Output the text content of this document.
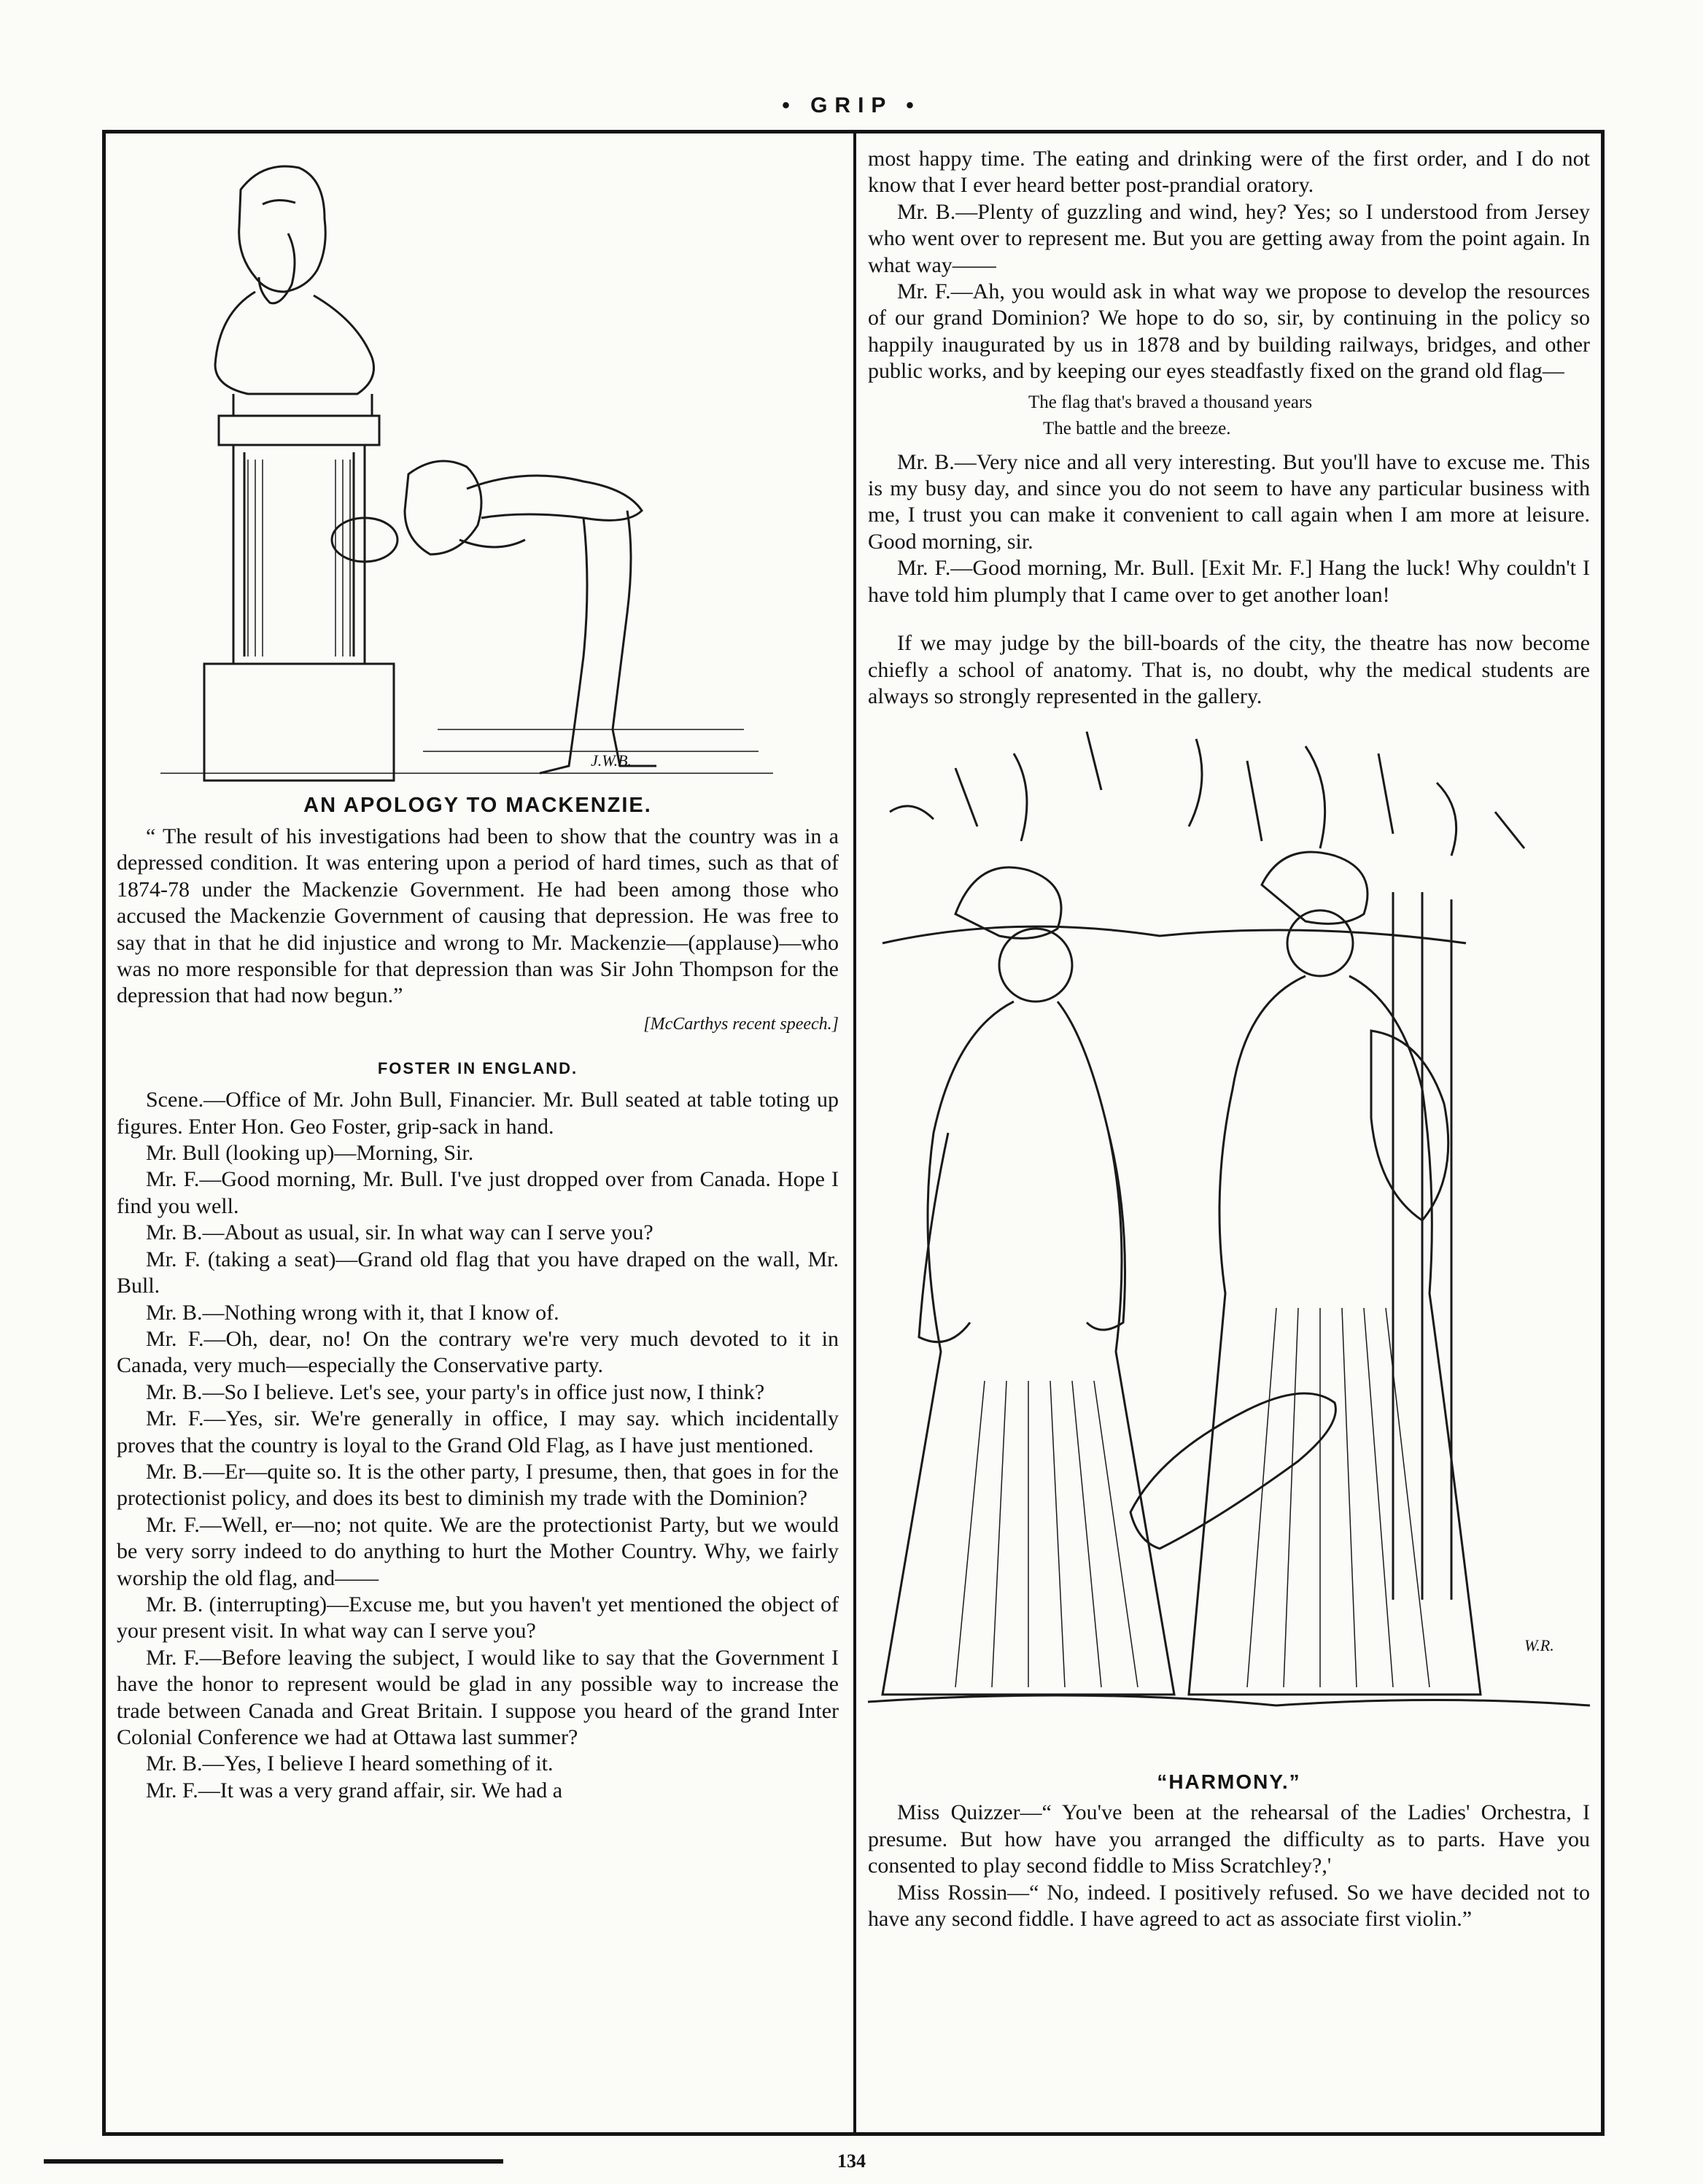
• GRIP •
J.W.B.
AN APOLOGY TO MACKENZIE.

“ The result of his investigations had been to show that the country was in a depressed condition. It was entering upon a period of hard times, such as that of 1874-78 under the Mackenzie Government. He had been among those who accused the Mackenzie Government of causing that depression. He was free to say that in that he did injustice and wrong to Mr. Mackenzie—(applause)—who was no more responsible for that depression than was Sir John Thompson for the depression that had now begun.”

[McCarthys recent speech.]

FOSTER IN ENGLAND.

Scene.—Office of Mr. John Bull, Financier. Mr. Bull seated at table toting up figures. Enter Hon. Geo Foster, grip-sack in hand.

Mr. Bull (looking up)—Morning, Sir.

Mr. F.—Good morning, Mr. Bull. I've just dropped over from Canada. Hope I find you well.

Mr. B.—About as usual, sir. In what way can I serve you?

Mr. F. (taking a seat)—Grand old flag that you have draped on the wall, Mr. Bull.

Mr. B.—Nothing wrong with it, that I know of.

Mr. F.—Oh, dear, no! On the contrary we're very much devoted to it in Canada, very much—especially the Conservative party.

Mr. B.—So I believe. Let's see, your party's in office just now, I think?

Mr. F.—Yes, sir. We're generally in office, I may say. which incidentally proves that the country is loyal to the Grand Old Flag, as I have just mentioned.

Mr. B.—Er—quite so. It is the other party, I presume, then, that goes in for the protectionist policy, and does its best to diminish my trade with the Dominion?

Mr. F.—Well, er—no; not quite. We are the protectionist Party, but we would be very sorry indeed to do anything to hurt the Mother Country. Why, we fairly worship the old flag, and——

Mr. B. (interrupting)—Excuse me, but you haven't yet mentioned the object of your present visit. In what way can I serve you?

Mr. F.—Before leaving the subject, I would like to say that the Government I have the honor to represent would be glad in any possible way to increase the trade between Canada and Great Britain. I suppose you heard of the grand Inter Colonial Conference we had at Ottawa last summer?

Mr. B.—Yes, I believe I heard something of it.

Mr. F.—It was a very grand affair, sir. We had a

most happy time. The eating and drinking were of the first order, and I do not know that I ever heard better post-prandial oratory.

Mr. B.—Plenty of guzzling and wind, hey? Yes; so I understood from Jersey who went over to represent me. But you are getting away from the point again. In what way——

Mr. F.—Ah, you would ask in what way we propose to develop the resources of our grand Dominion? We hope to do so, sir, by continuing in the policy so happily inaugurated by us in 1878 and by building railways, bridges, and other public works, and by keeping our eyes steadfastly fixed on the grand old flag—

The flag that's braved a thousand years
The battle and the breeze.

Mr. B.—Very nice and all very interesting. But you'll have to excuse me. This is my busy day, and since you do not seem to have any particular business with me, I trust you can make it convenient to call again when I am more at leisure. Good morning, sir.

Mr. F.—Good morning, Mr. Bull. [Exit Mr. F.] Hang the luck! Why couldn't I have told him plumply that I came over to get another loan!

If we may judge by the bill-boards of the city, the theatre has now become chiefly a school of anatomy. That is, no doubt, why the medical students are always so strongly represented in the gallery.

W.R.
“HARMONY.”

Miss Quizzer—“ You've been at the rehearsal of the Ladies' Orchestra, I presume. But how have you arranged the difficulty as to parts. Have you consented to play second fiddle to Miss Scratchley?,'

Miss Rossin—“ No, indeed. I positively refused. So we have decided not to have any second fiddle. I have agreed to act as associate first violin.”

134
